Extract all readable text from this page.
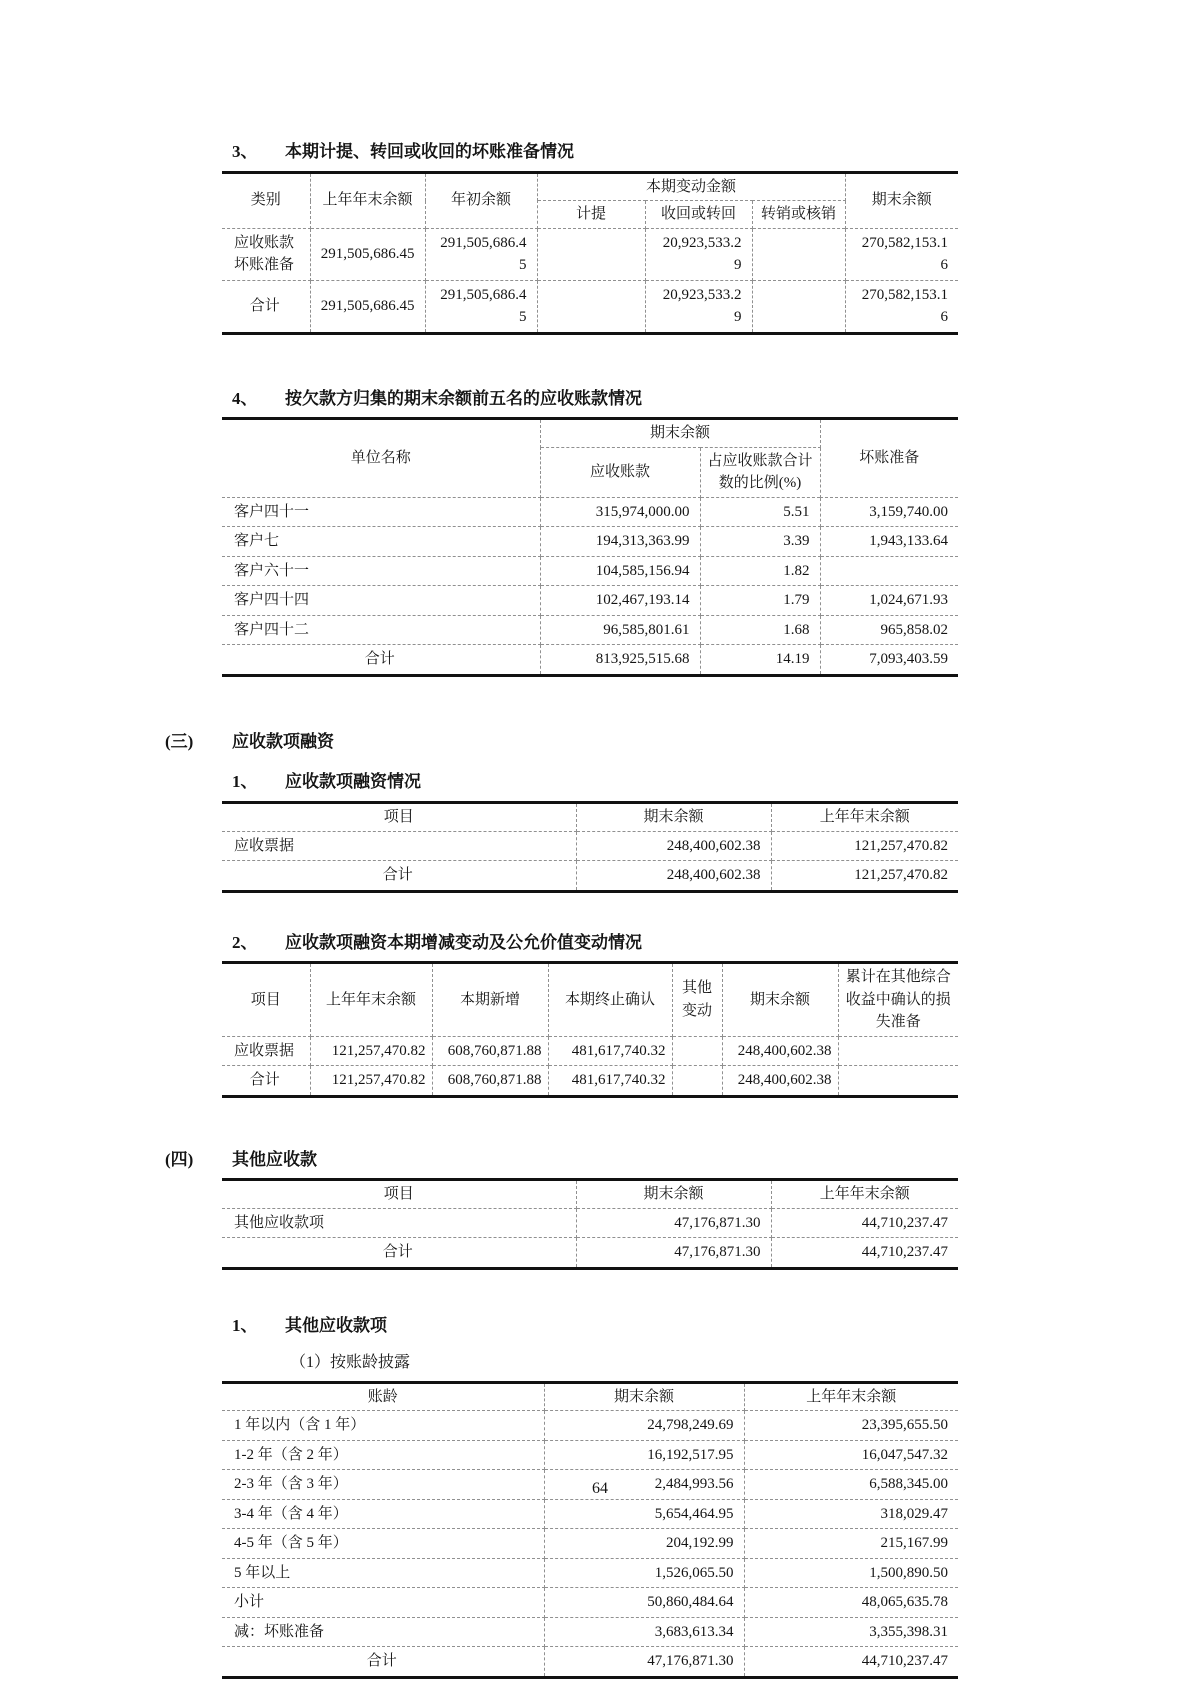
3、	本期计提、转回或收回的坏账准备情况
类别	上年年末余额	年初余额	本期变动金额			期末余额
			计提	收回或转回	转销或核销	
应收账款坏账准备	291,505,686.45	291,505,686.45		20,923,533.29		270,582,153.16
合计	291,505,686.45	291,505,686.45		20,923,533.29		270,582,153.16
4、	按欠款方归集的期末余额前五名的应收账款情况
单位名称	期末余额		坏账准备
	应收账款	占应收账款合计数的比例(%)	
客户四十一	315,974,000.00	5.51	3,159,740.00
客户七	194,313,363.99	3.39	1,943,133.64
客户六十一	104,585,156.94	1.82	
客户四十四	102,467,193.14	1.79	1,024,671.93
客户四十二	96,585,801.61	1.68	965,858.02
合计	813,925,515.68	14.19	7,093,403.59
(三)	应收款项融资
1、	应收款项融资情况
项目	期末余额	上年年末余额
应收票据	248,400,602.38	121,257,470.82
合计	248,400,602.38	121,257,470.82
2、	应收款项融资本期增减变动及公允价值变动情况
项目	上年年末余额	本期新增	本期终止确认	其他变动	期末余额	累计在其他综合收益中确认的损失准备
应收票据	121,257,470.82	608,760,871.88	481,617,740.32		248,400,602.38	
合计	121,257,470.82	608,760,871.88	481,617,740.32		248,400,602.38	
(四)	其他应收款
项目	期末余额	上年年末余额
其他应收款项	47,176,871.30	44,710,237.47
合计	47,176,871.30	44,710,237.47
1、	其他应收款项
（1）按账龄披露
账龄	期末余额	上年年末余额
1 年以内（含 1 年）	24,798,249.69	23,395,655.50
1-2 年（含 2 年）	16,192,517.95	16,047,547.32
2-3 年（含 3 年）	2,484,993.56	6,588,345.00
3-4 年（含 4 年）	5,654,464.95	318,029.47
4-5 年（含 5 年）	204,192.99	215,167.99
5 年以上	1,526,065.50	1,500,890.50
小计	50,860,484.64	48,065,635.78
减：坏账准备	3,683,613.34	3,355,398.31
合计	47,176,871.30	44,710,237.47
64
